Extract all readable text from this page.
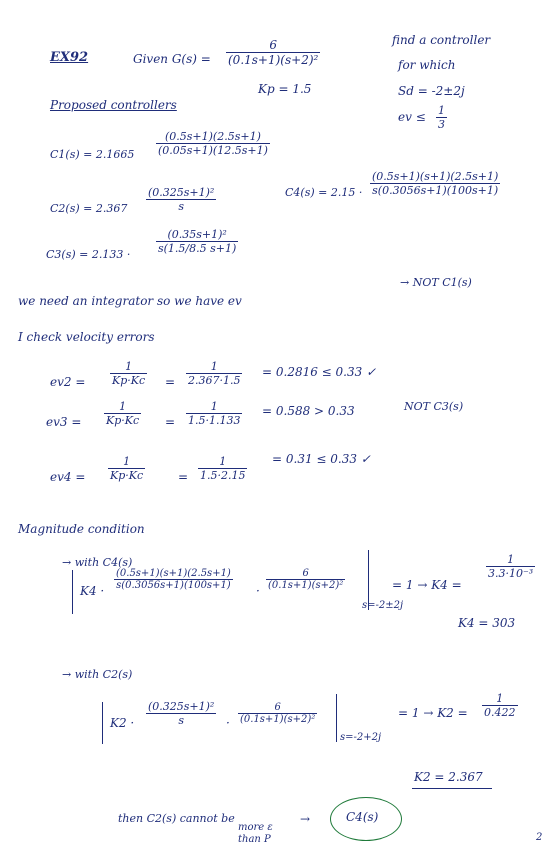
EX92	Given $G(s) = \frac{6}{\text{(0.1s+1)(s+2)²}}$
Kp = 1.5
find a controller
for which
Sd = -2±2j
ev ≤ $\frac{1}{3}$
Proposed controllers
$C1(s) = 2.1665 \frac{(0.5s+1)(2.5s+1)}{(0.05s+1)(12.5s+1)}$
$C2(s) = 2.367 \frac{\text{(0.325s+1)²}}{s}$	$C4(s) = 2.15 \cdot \frac{(0.5s+1)(s+1)(2.5s+1)}{s(0.3056s+1)(100s+1)}$
$C3(s) = 2.133 \cdot \frac{\text{(0.35s+1)²}}{s(1.5/8.5 s+1)}$
we need an integrator so we have ev
→ NOT C1(s)
I check velocity errors
$ev2 = \frac{1}{Kp\cdot Kc} = \frac{1}{2.367\cdot 1.5} = 0.2816 \le 0.33$ ✓
$ev3 = \frac{1}{Kp\cdot Kc} = \frac{1}{1.5\cdot 1.133} = 0.588 > 0.33$	NOT C3(s)
$ev4 = \frac{1}{Kp\cdot Kc}$	= $\frac{1}{1.5\cdot 2.15} = 0.31 \le 0.33$ ✓
Magnitude condition
→ with C4(s)
$K4 \cdot \frac{(0.5s+1)(s+1)(2.5s+1)}{s(0.3056s+1)(100s+1)} \cdot \frac{6}{\text{(0.1s+1)(s+2)²}}$
s=-2±2j
= 1 → K4 =
$\frac{1}{\text{3.3·10⁻³}}$
K4 = 303
→ with C2(s)
$K2 \cdot \frac{\text{(0.325s+1)²}}{s} \cdot \frac{6}{\text{(0.1s+1)(s+2)²}}$
s=-2+2j
= $1 \to K2 = \frac{1}{0.422}$
K2 = 2.367
then C2(s) cannot be
more ε
than P
→	C4(s)
2
